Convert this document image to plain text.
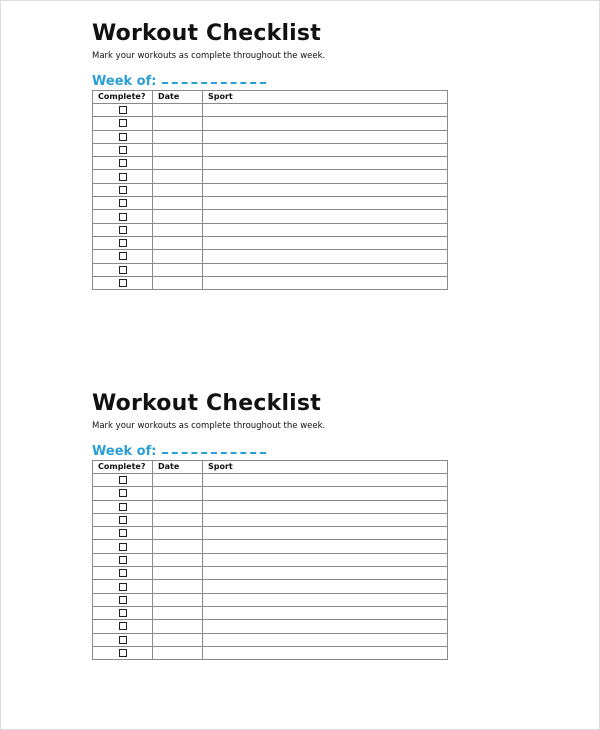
Workout Checklist
Mark your workouts as complete throughout the week.
Week of:
Complete?	Date	Sport

Workout Checklist
Mark your workouts as complete throughout the week.
Week of:
Complete?	Date	Sport
